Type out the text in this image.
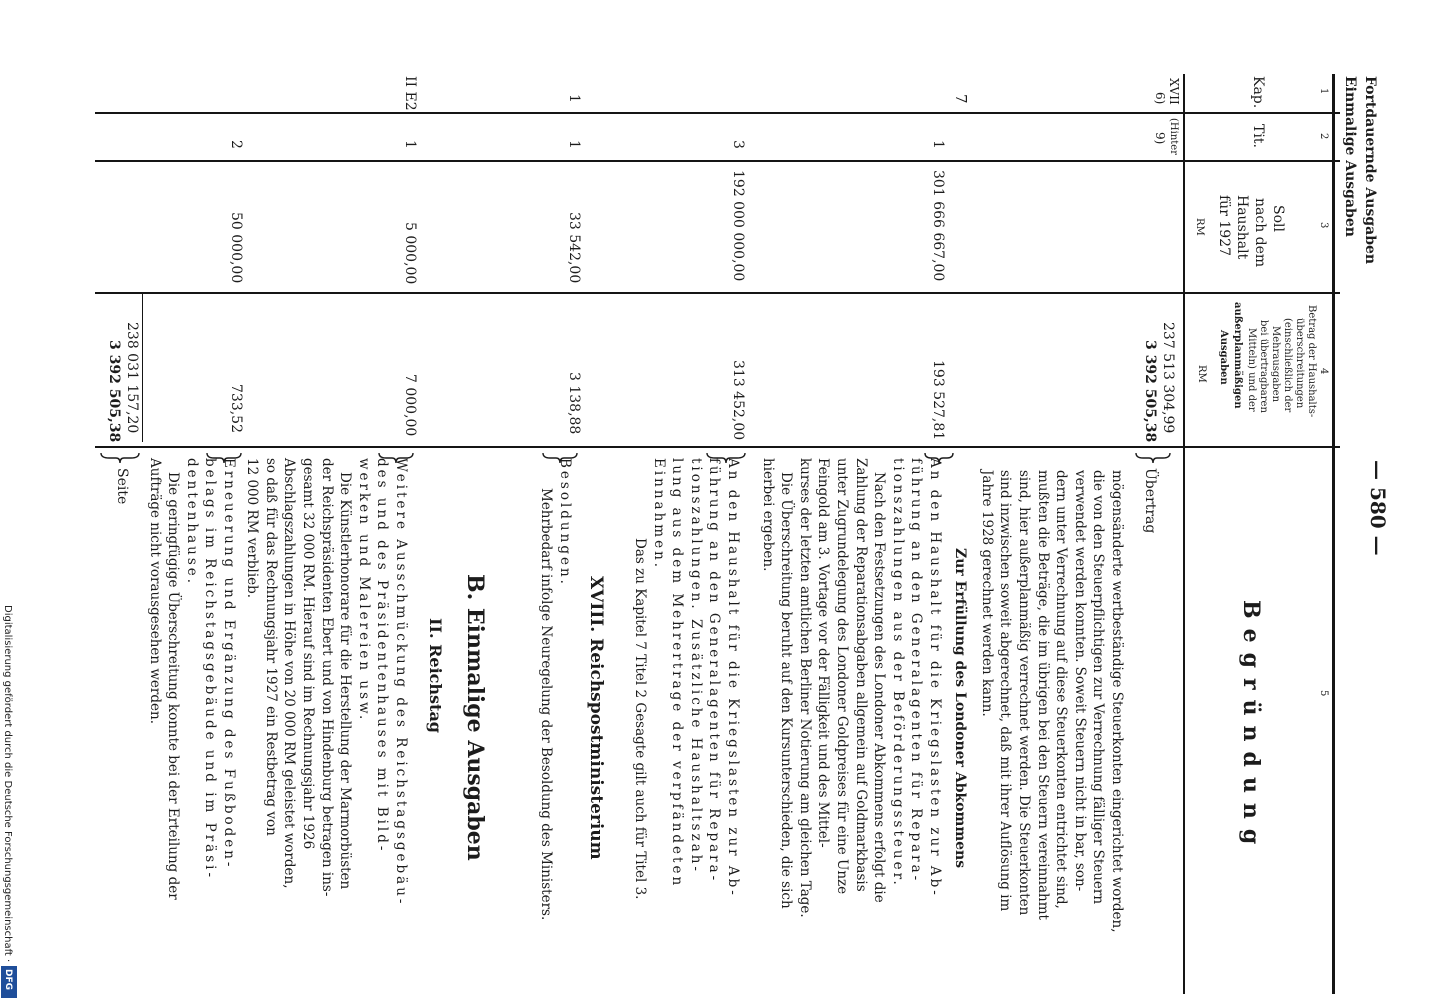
Fortdauernde Ausgaben
Einmalige Ausgaben
— 580 —
1
2
3
4
5
Kap.
Tit.
Soll
nach dem
Haushalt
für 1927
RM
Betrag der Haushalts-
überschreitungen
(einschließlich der
Mehrausgaben
bei übertragbaren
Mitteln) und der
außerplanmäßigen
Ausgaben
RM
Begründung
XVII
6)
(Hinter
9)
237 513 304,99
3 392 505,38
Übertrag
7
1
301 666 667,00
193 527,81
3
192 000 000,00
313 452,00
1
1
33 542,00
3 138,88
II E2
1
5 000,00
7 000,00
2
50 000,00
733,52
238 031 157,20
3 392 505,38
Seite	mögensänderte wertbeständige Steuerkonten eingerichtet worden,
die von den Steuerpflichtigen zur Verrechnung fälliger Steuern
verwendet werden konnten. Soweit Steuern nicht in bar, son-
dern unter Verrechnung auf diese Steuerkonten entrichtet sind,
mußten die Beträge, die im übrigen bei den Steuern vereinnahmt
sind, hier außerplanmäßig verrechnet werden. Die Steuerkonten
sind inzwischen soweit abgerechnet, daß mit ihrer Auflösung im
Jahre 1928 gerechnet werden kann.
Zur Erfüllung des Londoner Abkommens
An den Haushalt für die Kriegslasten zur Ab-
führung an den Generalagenten für Repara-
tionszahlungen aus der Beförderungssteuer.
Nach den Festsetzungen des Londoner Abkommens erfolgt die
Zahlung der Reparationsabgaben allgemein auf Goldmarkbasis
unter Zugrundelegung des Londoner Goldpreises für eine Unze
Feingold am 3. Vortage vor der Fälligkeit und des Mittel-
kurses der letzten amtlichen Berliner Notierung am gleichen Tage.
Die Überschreitung beruht auf den Kursunterschieden, die sich
hierbei ergeben.
An den Haushalt für die Kriegslasten zur Ab-
führung an den Generalagenten für Repara-
tionszahlungen. Zusätzliche Haushaltszah-
lung aus dem Mehrertrage der verpfändeten
Einnahmen.
Das zu Kapitel 7 Titel 2 Gesagte gilt auch für Titel 3.
XVIII. Reichspostministerium
Besoldungen.
Mehrbedarf infolge Neuregelung der Besoldung des Ministers.
B. Einmalige Ausgaben
II. Reichstag
Weitere Ausschmückung des Reichstagsgebäu-
des und des Präsidentenhauses mit Bild-
werken und Malereien usw.
Die Künstlerhonorare für die Herstellung der Marmorbüsten
der Reichspräsidenten Ebert und von Hindenburg betragen ins-
gesamt 32 000 RM. Hierauf sind im Rechnungsjahr 1926
Abschlagszahlungen in Höhe von 20 000 RM geleistet worden,
so daß für das Rechnungsjahr 1927 ein Restbetrag von
12 000 RM verblieb.
Erneuerung und Ergänzung des Fußboden-
belags im Reichstagsgebäude und im Präsi-
dentenhause.
Die geringfügige Überschreitung konnte bei der Erteilung der
Aufträge nicht vorausgesehen werden.
Digitalisierung gefördert durch die Deutsche Forschungsgemeinschaft ·
DFG
